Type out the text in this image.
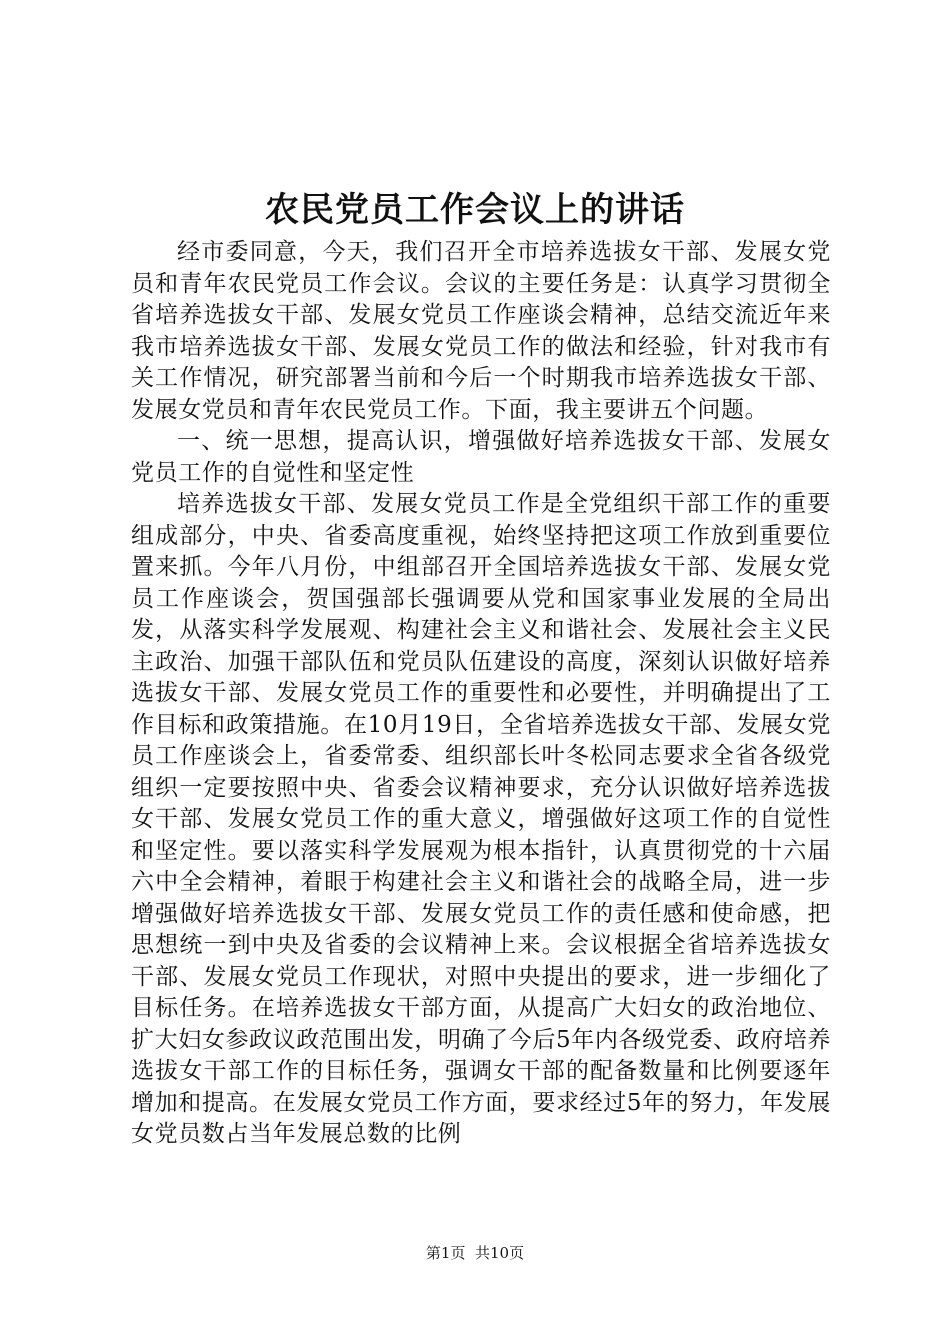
农民党员工作会议上的讲话

经市委同意，今天，我们召开全市培养选拔女干部、发展女党员和青年农民党员工作会议。会议的主要任务是：认真学习贯彻全省培养选拔女干部、发展女党员工作座谈会精神，总结交流近年来我市培养选拔女干部、发展女党员工作的做法和经验，针对我市有关工作情况，研究部署当前和今后一个时期我市培养选拔女干部、发展女党员和青年农民党员工作。下面，我主要讲五个问题。

一、统一思想，提高认识，增强做好培养选拔女干部、发展女党员工作的自觉性和坚定性

培养选拔女干部、发展女党员工作是全党组织干部工作的重要组成部分，中央、省委高度重视，始终坚持把这项工作放到重要位置来抓。今年八月份，中组部召开全国培养选拔女干部、发展女党员工作座谈会，贺国强部长强调要从党和国家事业发展的全局出发，从落实科学发展观、构建社会主义和谐社会、发展社会主义民主政治、加强干部队伍和党员队伍建设的高度，深刻认识做好培养选拔女干部、发展女党员工作的重要性和必要性，并明确提出了工作目标和政策措施。在10月19日，全省培养选拔女干部、发展女党员工作座谈会上，省委常委、组织部长叶冬松同志要求全省各级党组织一定要按照中央、省委会议精神要求，充分认识做好培养选拔女干部、发展女党员工作的重大意义，增强做好这项工作的自觉性和坚定性。要以落实科学发展观为根本指针，认真贯彻党的十六届六中全会精神，着眼于构建社会主义和谐社会的战略全局，进一步增强做好培养选拔女干部、发展女党员工作的责任感和使命感，把思想统一到中央及省委的会议精神上来。会议根据全省培养选拔女干部、发展女党员工作现状，对照中央提出的要求，进一步细化了目标任务。在培养选拔女干部方面，从提高广大妇女的政治地位、扩大妇女参政议政范围出发，明确了今后5年内各级党委、政府培养选拔女干部工作的目标任务，强调女干部的配备数量和比例要逐年增加和提高。在发展女党员工作方面，要求经过5年的努力，年发展女党员数占当年发展总数的比例

第1页 共10页
